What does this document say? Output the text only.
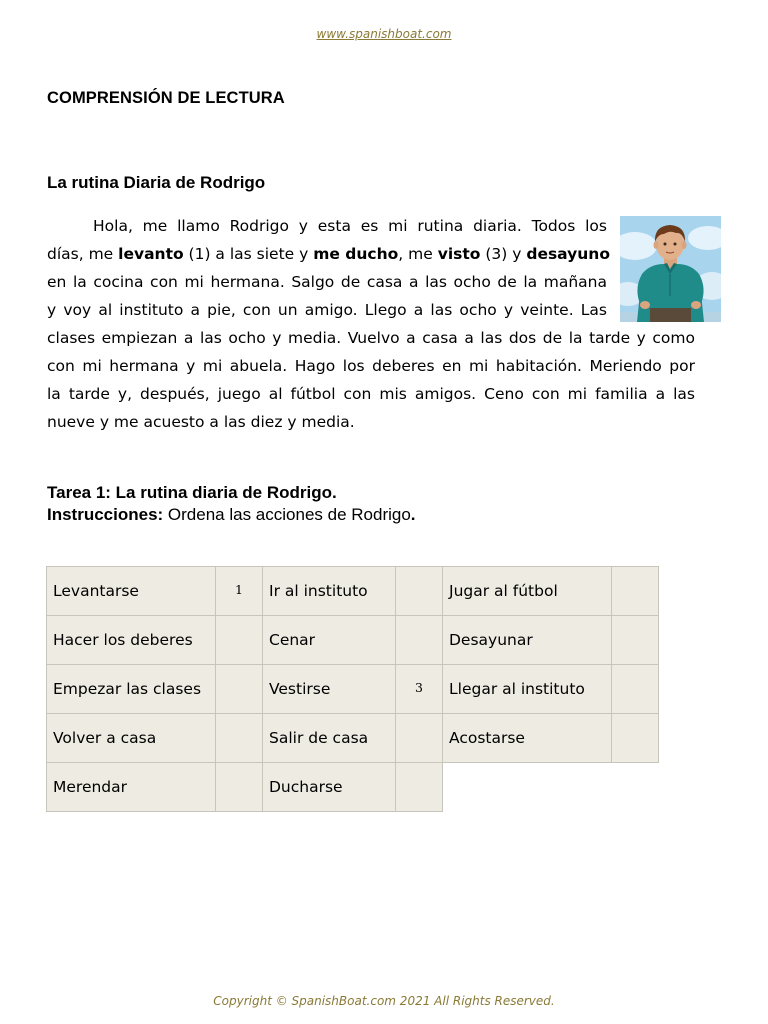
www.spanishboat.com
COMPRENSIÓN DE LECTURA
La rutina Diaria de Rodrigo
Hola, me llamo Rodrigo y esta es mi rutina diaria. Todos los
días, me levanto (1) a las siete y me ducho, me visto (3) y desayuno
en la cocina con mi hermana. Salgo de casa a las ocho de la mañana
y voy al instituto a pie, con un amigo. Llego a las ocho y veinte. Las
clases empiezan a las ocho y media. Vuelvo a casa a las dos de la tarde y como
con mi hermana y mi abuela. Hago los deberes en mi habitación. Meriendo por
la tarde y, después, juego al fútbol con mis amigos. Ceno con mi familia a las
nueve y me acuesto a las diez y media.
Tarea 1: La rutina diaria de Rodrigo.
Instrucciones: Ordena las acciones de Rodrigo.
Levantarse	1	Ir al instituto		Jugar al fútbol	
Hacer los deberes		Cenar		Desayunar	
Empezar las clases		Vestirse	3	Llegar al instituto	
Volver a casa		Salir de casa		Acostarse	
Merendar		Ducharse			
Copyright © SpanishBoat.com 2021 All Rights Reserved.
